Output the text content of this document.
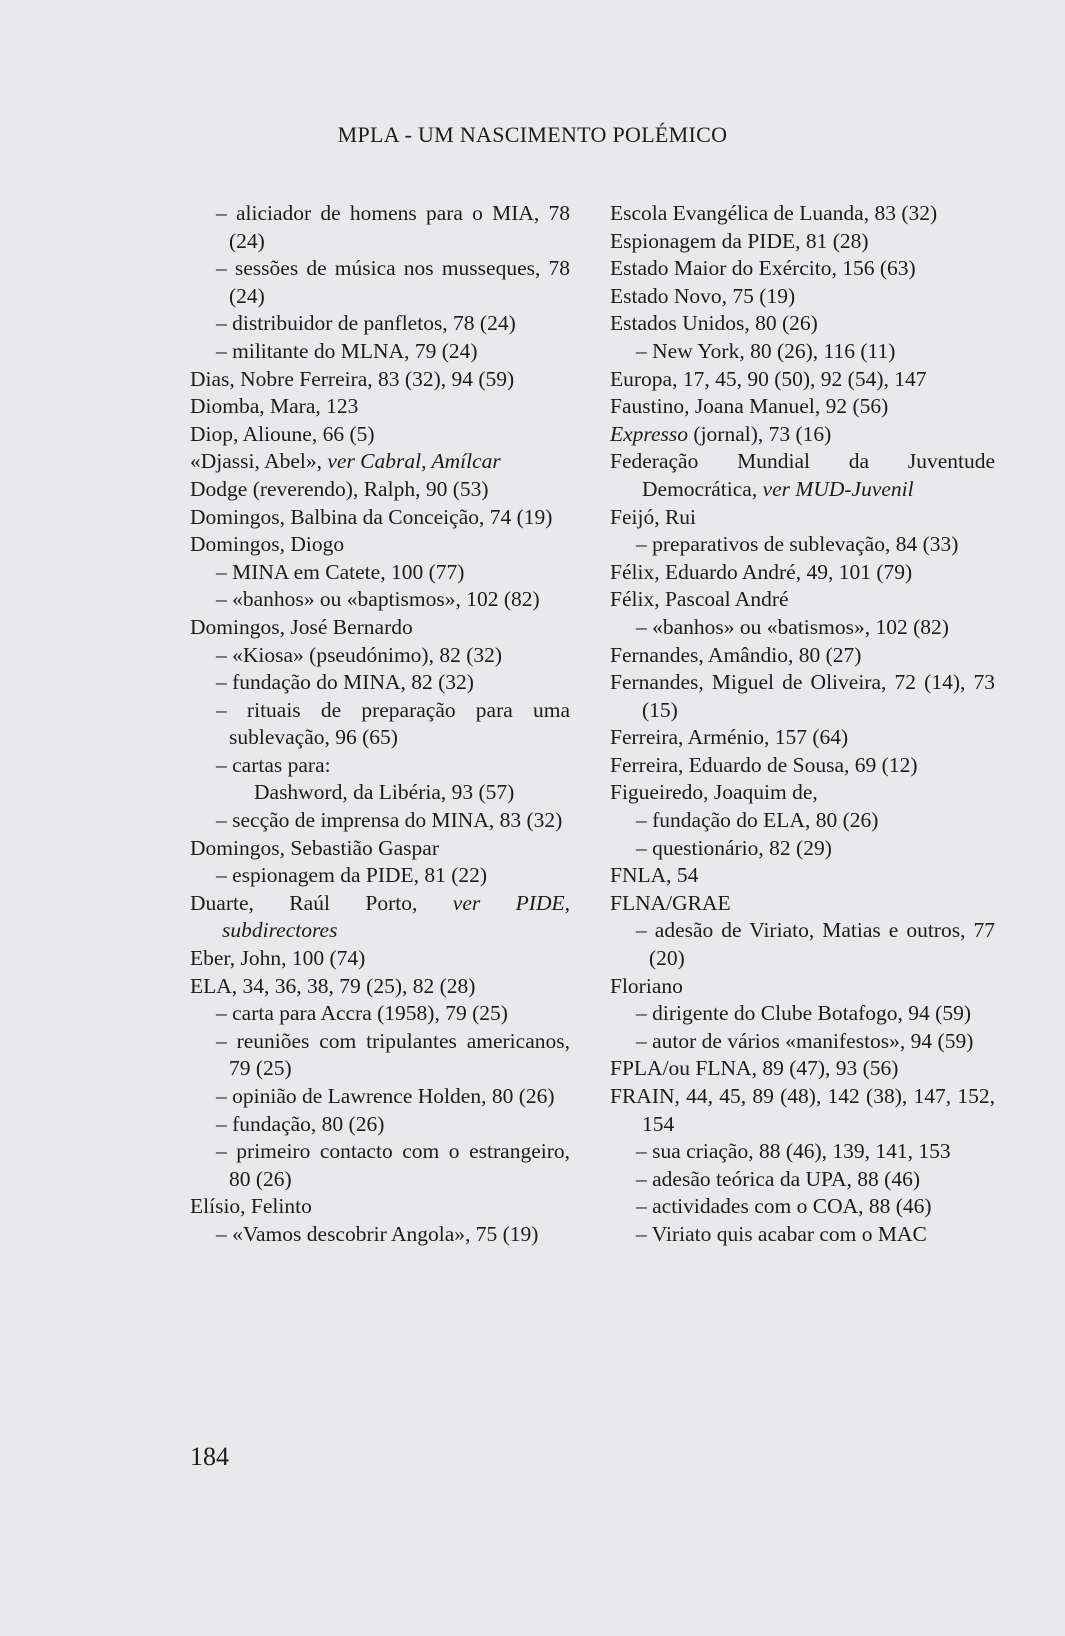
MPLA - UM NASCIMENTO POLÉMICO

– aliciador de homens para o MIA, 78 (24)

– sessões de música nos musseques, 78 (24)

– distribuidor de panfletos, 78 (24)

– militante do MLNA, 79 (24)

Dias, Nobre Ferreira, 83 (32), 94 (59)

Diomba, Mara, 123

Diop, Alioune, 66 (5)

«Djassi, Abel», ver Cabral, Amílcar

Dodge (reverendo), Ralph, 90 (53)

Domingos, Balbina da Conceição, 74 (19)

Domingos, Diogo

– MINA em Catete, 100 (77)

– «banhos» ou «baptismos», 102 (82)

Domingos, José Bernardo

– «Kiosa» (pseudónimo), 82 (32)

– fundação do MINA, 82 (32)

– rituais de preparação para uma sublevação, 96 (65)

– cartas para:

Dashword, da Libéria, 93 (57)

– secção de imprensa do MINA, 83 (32)

Domingos, Sebastião Gaspar

– espionagem da PIDE, 81 (22)

Duarte, Raúl Porto, ver PIDE, subdirectores

Eber, John, 100 (74)

ELA, 34, 36, 38, 79 (25), 82 (28)

– carta para Accra (1958), 79 (25)

– reuniões com tripulantes americanos, 79 (25)

– opinião de Lawrence Holden, 80 (26)

– fundação, 80 (26)

– primeiro contacto com o estrangeiro, 80 (26)

Elísio, Felinto

– «Vamos descobrir Angola», 75 (19)

Escola Evangélica de Luanda, 83 (32)

Espionagem da PIDE, 81 (28)

Estado Maior do Exército, 156 (63)

Estado Novo, 75 (19)

Estados Unidos, 80 (26)

– New York, 80 (26), 116 (11)

Europa, 17, 45, 90 (50), 92 (54), 147

Faustino, Joana Manuel, 92 (56)

Expresso (jornal), 73 (16)

Federação Mundial da Juventude Democrática, ver MUD-Juvenil

Feijó, Rui

– preparativos de sublevação, 84 (33)

Félix, Eduardo André, 49, 101 (79)

Félix, Pascoal André

– «banhos» ou «batismos», 102 (82)

Fernandes, Amândio, 80 (27)

Fernandes, Miguel de Oliveira, 72 (14), 73 (15)

Ferreira, Arménio, 157 (64)

Ferreira, Eduardo de Sousa, 69 (12)

Figueiredo, Joaquim de,

– fundação do ELA, 80 (26)

– questionário, 82 (29)

FNLA, 54

FLNA/GRAE

– adesão de Viriato, Matias e outros, 77 (20)

Floriano

– dirigente do Clube Botafogo, 94 (59)

– autor de vários «manifestos», 94 (59)

FPLA/ou FLNA, 89 (47), 93 (56)

FRAIN, 44, 45, 89 (48), 142 (38), 147, 152, 154

– sua criação, 88 (46), 139, 141, 153

– adesão teórica da UPA, 88 (46)

– actividades com o COA, 88 (46)

– Viriato quis acabar com o MAC

184
